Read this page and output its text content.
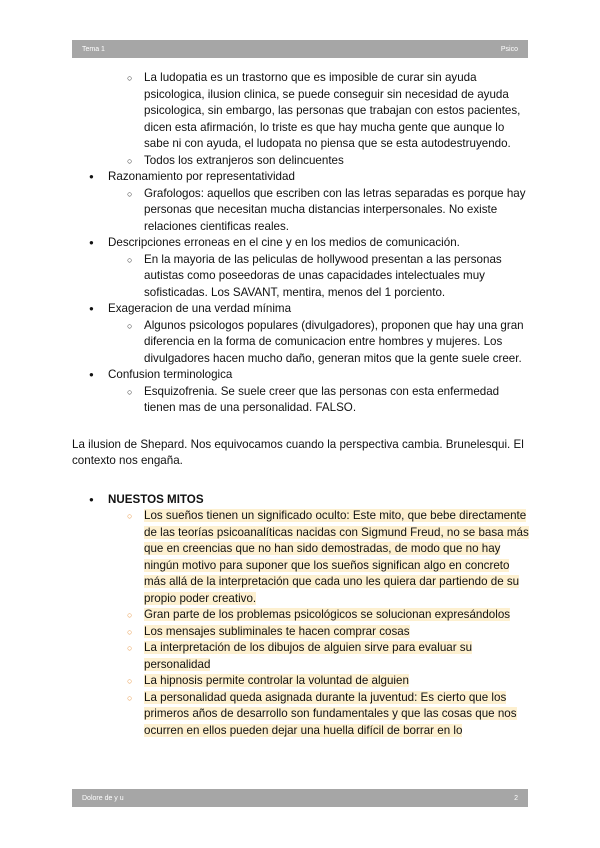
Tema 1	Psico
○ La ludopatia es un trastorno que es imposible de curar sin ayuda psicologica, ilusion clinica, se puede conseguir sin necesidad de ayuda psicologica, sin embargo, las personas que trabajan con estos pacientes, dicen esta afirmación, lo triste es que hay mucha gente que aunque lo sabe ni con ayuda, el ludopata no piensa que se esta autodestruyendo.
○ Todos los extranjeros son delincuentes
● Razonamiento por representatividad
○ Grafologos: aquellos que escriben con las letras separadas es porque hay personas que necesitan mucha distancias interpersonales. No existe relaciones cientificas reales.
● Descripciones erroneas en el cine y en los medios de comunicación.
○ En la mayoria de las peliculas de hollywood presentan a las personas autistas como poseedoras de unas capacidades intelectuales muy sofisticadas. Los SAVANT, mentira, menos del 1 porciento.
● Exageracion de una verdad mínima
○ Algunos psicologos populares (divulgadores), proponen que hay una gran diferencia en la forma de comunicacion entre hombres y mujeres. Los divulgadores hacen mucho daño, generan mitos que la gente suele creer.
● Confusion terminologica
○ Esquizofrenia. Se suele creer que las personas con esta enfermedad tienen mas de una personalidad. FALSO.

La ilusion de Shepard. Nos equivocamos cuando la perspectiva cambia. Brunelesqui. El contexto nos engaña.

● NUESTOS MITOS
○ Los sueños tienen un significado oculto: Este mito, que bebe directamente de las teorías psicoanalíticas nacidas con Sigmund Freud, no se basa más que en creencias que no han sido demostradas, de modo que no hay ningún motivo para suponer que los sueños significan algo en concreto más allá de la interpretación que cada uno les quiera dar partiendo de su propio poder creativo.
○ Gran parte de los problemas psicológicos se solucionan expresándolos
○ Los mensajes subliminales te hacen comprar cosas
○ La interpretación de los dibujos de alguien sirve para evaluar su personalidad
○ La hipnosis permite controlar la voluntad de alguien
○ La personalidad queda asignada durante la juventud: Es cierto que los primeros años de desarrollo son fundamentales y que las cosas que nos ocurren en ellos pueden dejar una huella difícil de borrar en lo
Dolore de y u	2
